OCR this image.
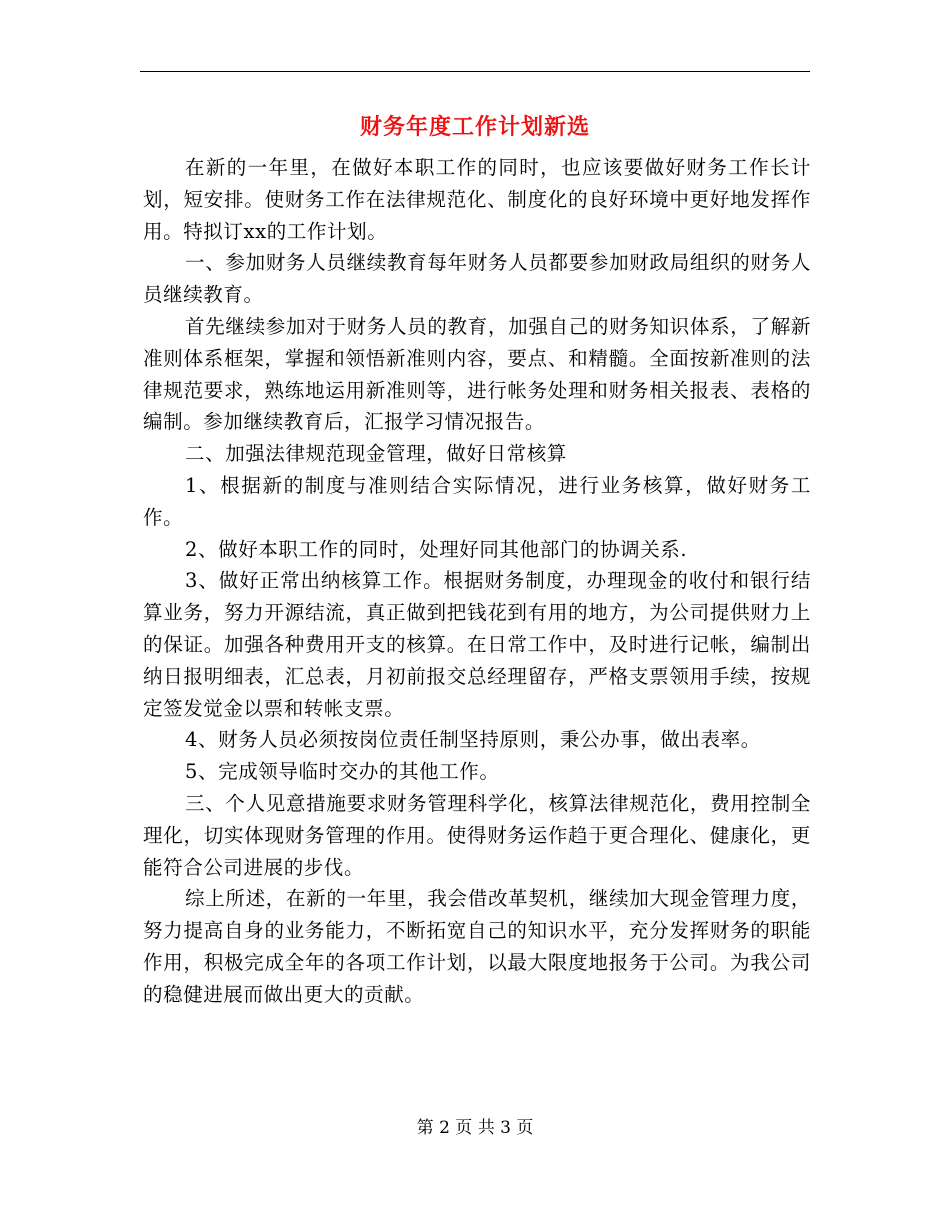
财务年度工作计划新选

在新的一年里，在做好本职工作的同时，也应该要做好财务工作长计划，短安排。使财务工作在法律规范化、制度化的良好环境中更好地发挥作用。特拟订xx的工作计划。

一、参加财务人员继续教育每年财务人员都要参加财政局组织的财务人员继续教育。

首先继续参加对于财务人员的教育，加强自己的财务知识体系，了解新准则体系框架，掌握和领悟新准则内容，要点、和精髓。全面按新准则的法律规范要求，熟练地运用新准则等，进行帐务处理和财务相关报表、表格的编制。参加继续教育后，汇报学习情况报告。

二、加强法律规范现金管理，做好日常核算

1、根据新的制度与准则结合实际情况，进行业务核算，做好财务工作。

2、做好本职工作的同时，处理好同其他部门的协调关系.

3、做好正常出纳核算工作。根据财务制度，办理现金的收付和银行结算业务，努力开源结流，真正做到把钱花到有用的地方，为公司提供财力上的保证。加强各种费用开支的核算。在日常工作中，及时进行记帐，编制出纳日报明细表，汇总表，月初前报交总经理留存，严格支票领用手续，按规定签发觉金以票和转帐支票。

4、财务人员必须按岗位责任制坚持原则，秉公办事，做出表率。

5、完成领导临时交办的其他工作。

三、个人见意措施要求财务管理科学化，核算法律规范化，费用控制全理化，切实体现财务管理的作用。使得财务运作趋于更合理化、健康化，更能符合公司进展的步伐。

综上所述，在新的一年里，我会借改革契机，继续加大现金管理力度，努力提高自身的业务能力，不断拓宽自己的知识水平，充分发挥财务的职能作用，积极完成全年的各项工作计划，以最大限度地报务于公司。为我公司的稳健进展而做出更大的贡献。

第 2 页 共 3 页
